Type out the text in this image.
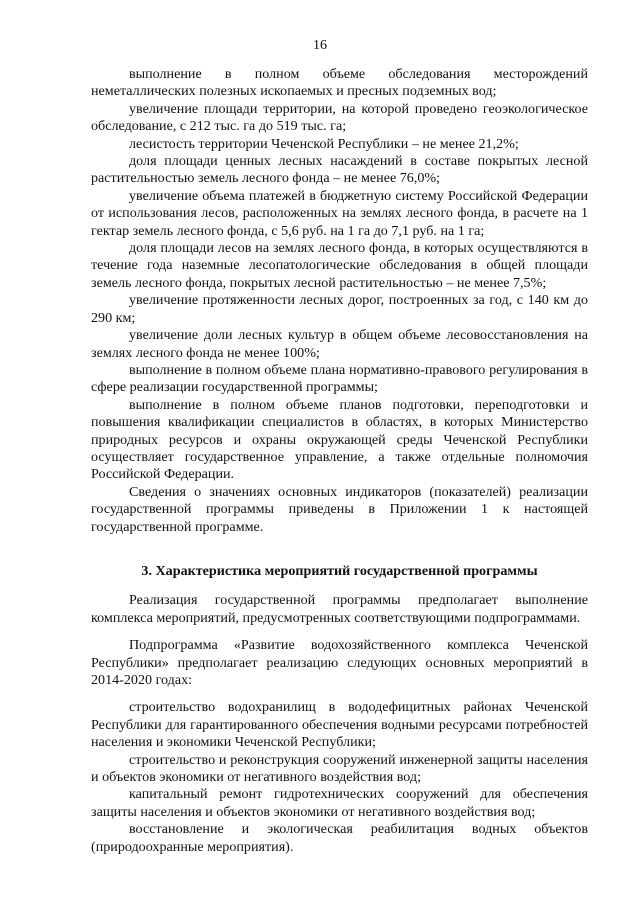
16

выполнение в полном объеме обследования месторождений неметаллических полезных ископаемых и пресных подземных вод;

увеличение площади территории, на которой проведено геоэкологическое обследование, с 212 тыс. га до 519 тыс. га;

лесистость территории Чеченской Республики – не менее 21,2%;

доля площади ценных лесных насаждений в составе покрытых лесной растительностью земель лесного фонда – не менее 76,0%;

увеличение объема платежей в бюджетную систему Российской Федерации от использования лесов, расположенных на землях лесного фонда, в расчете на 1 гектар земель лесного фонда, с 5,6 руб. на 1 га до 7,1 руб. на 1 га;

доля площади лесов на землях лесного фонда, в которых осуществляются в течение года наземные лесопатологические обследования в общей площади земель лесного фонда, покрытых лесной растительностью – не менее 7,5%;

увеличение протяженности лесных дорог, построенных за год, с 140 км до 290 км;

увеличение доли лесных культур в общем объеме лесовосстановления на землях лесного фонда не менее 100%;

выполнение в полном объеме плана нормативно-правового регулирования в сфере реализации государственной программы;

выполнение в полном объеме планов подготовки, переподготовки и повышения квалификации специалистов в областях, в которых Министерство природных ресурсов и охраны окружающей среды Чеченской Республики осуществляет государственное управление, а также отдельные полномочия Российской Федерации.

Сведения о значениях основных индикаторов (показателей) реализации государственной программы приведены в Приложении 1 к настоящей государственной программе.

3. Характеристика мероприятий государственной программы

Реализация государственной программы предполагает выполнение комплекса мероприятий, предусмотренных соответствующими подпрограммами.

Подпрограмма «Развитие водохозяйственного комплекса Чеченской Республики» предполагает реализацию следующих основных мероприятий в 2014-2020 годах:

строительство водохранилищ в вододефицитных районах Чеченской Республики для гарантированного обеспечения водными ресурсами потребностей населения и экономики Чеченской Республики;

строительство и реконструкция сооружений инженерной защиты населения и объектов экономики от негативного воздействия вод;

капитальный ремонт гидротехнических сооружений для обеспечения защиты населения и объектов экономики от негативного воздействия вод;

восстановление и экологическая реабилитация водных объектов (природоохранные мероприятия).
